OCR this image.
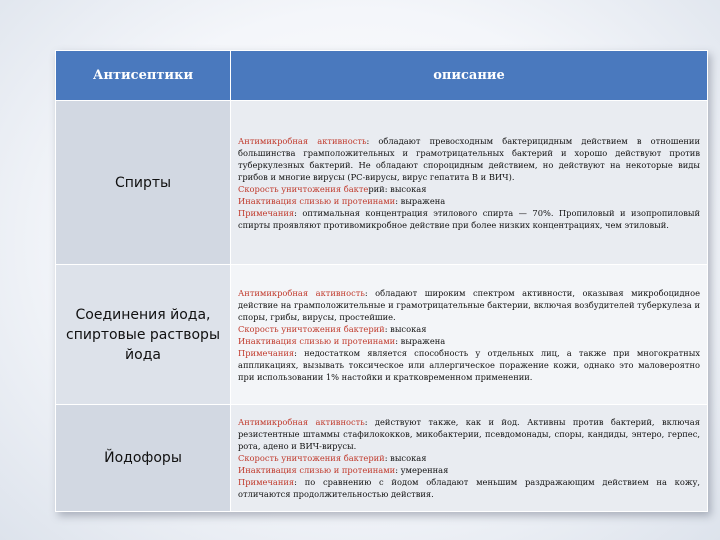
Антисептики	описание
Спирты	Антимикробная активность: обладают превосходным бактерицидным действием в отношении большинства грамположительных и грамотрицательных бактерий и хорошо действуют против туберкулезных бактерий. Не обладают спороцидным действием, но действуют на некоторые виды грибов и многие вирусы (РС-вирусы, вирус гепатита В и ВИЧ).
Скорость уничтожения бактерий: высокая
Инактивация слизью и протеинами: выражена
Примечания: оптимальная концентрация этилового спирта — 70%. Пропиловый и изопропиловый спирты проявляют противомикробное действие при более низких концентрациях, чем этиловый.

Соединения йода, спиртовые растворы йода	Антимикробная активность: обладают широким спектром активности, оказывая микробоцидное действие на грамположительные и грамотрицательные бактерии, включая возбудителей туберкулеза и споры, грибы, вирусы, простейшие.
Скорость уничтожения бактерий: высокая
Инактивация слизью и протеинами: выражена
Примечания: недостатком является способность у отдельных лиц, а также при многократных аппликациях, вызывать токсическое или аллергическое поражение кожи, однако это маловероятно при использовании 1% настойки и кратковременном применении.

Йодофоры	Антимикробная активность: действуют также, как и йод. Активны против бактерий, включая резистентные штаммы стафилококков, микобактерии, псевдомонады, споры, кандиды, энтеро, герпес, рота, адено и ВИЧ-вирусы.
Скорость уничтожения бактерий: высокая
Инактивация слизью и протеинами: умеренная
Примечания: по сравнению с йодом обладают меньшим раздражающим действием на кожу, отличаются продолжительностью действия.
